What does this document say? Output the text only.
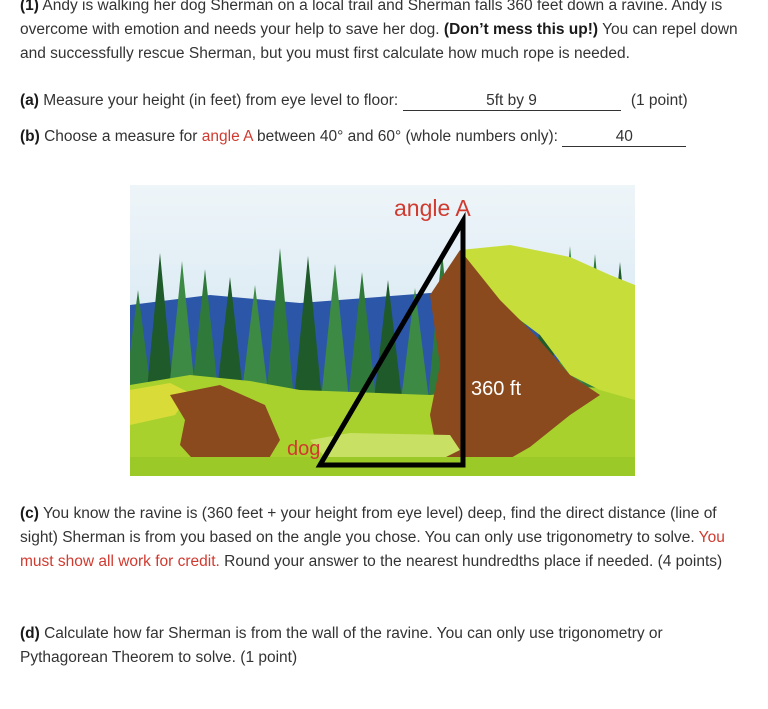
(1) Andy is walking her dog Sherman on a local trail and Sherman falls 360 feet down a ravine. Andy is overcome with emotion and needs your help to save her dog. (Don’t mess this up!) You can repel down and successfully rescue Sherman, but you must first calculate how much rope is needed.

(a) Measure your height (in feet) from eye level to floor:	5ft by 9	(1 point)
(b) Choose a measure for angle A between 40° and 60° (whole numbers only):	40
angle A
360 ft
dog

(c) You know the ravine is (360 feet + your height from eye level) deep, find the direct distance (line of sight) Sherman is from you based on the angle you chose. You can only use trigonometry to solve. You must show all work for credit. Round your answer to the nearest hundredths place if needed. (4 points)

(d) Calculate how far Sherman is from the wall of the ravine. You can only use trigonometry or Pythagorean Theorem to solve. (1 point)
